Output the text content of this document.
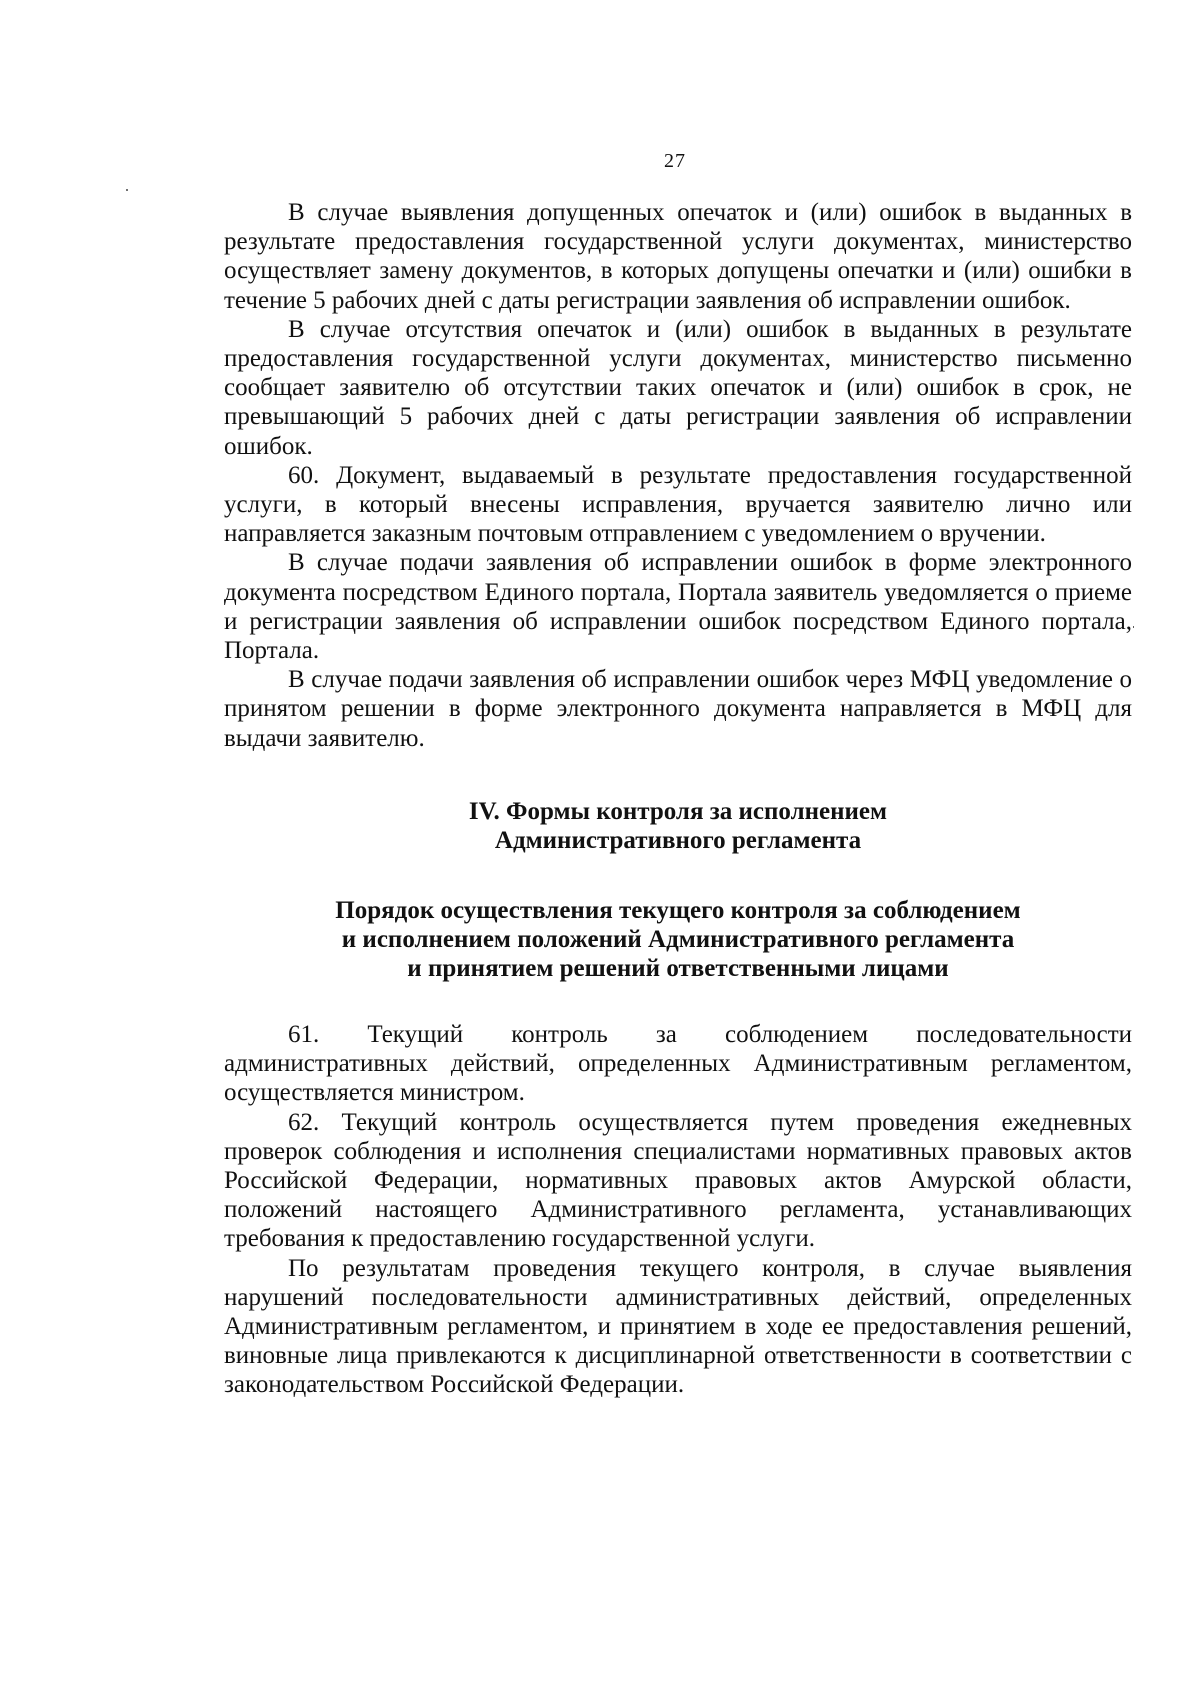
27

В случае выявления допущенных опечаток и (или) ошибок в выданных в результате предоставления государственной услуги документах, министерство осуществляет замену документов, в которых допущены опечатки и (или) ошибки в течение 5 рабочих дней с даты регистрации заявления об исправлении ошибок.

В случае отсутствия опечаток и (или) ошибок в выданных в результате предоставления государственной услуги документах, министерство письменно сообщает заявителю об отсутствии таких опечаток и (или) ошибок в срок, не превышающий 5 рабочих дней с даты регистрации заявления об исправлении ошибок.

60. Документ, выдаваемый в результате предоставления государственной услуги, в который внесены исправления, вручается заявителю лично или направляется заказным почтовым отправлением с уведомлением о вручении.

В случае подачи заявления об исправлении ошибок в форме электронного документа посредством Единого портала, Портала заявитель уведомляется о приеме и регистрации заявления об исправлении ошибок посредством Единого портала, Портала.

В случае подачи заявления об исправлении ошибок через МФЦ уведомление о принятом решении в форме электронного документа направляется в МФЦ для выдачи заявителю.

IV. Формы контроля за исполнением
Административного регламента
Порядок осуществления текущего контроля за соблюдением
и исполнением положений Административного регламента
и принятием решений ответственными лицами

61. Текущий контроль за соблюдением последовательности административных действий, определенных Административным регламентом, осуществляется министром.

62. Текущий контроль осуществляется путем проведения ежедневных проверок соблюдения и исполнения специалистами нормативных правовых актов Российской Федерации, нормативных правовых актов Амурской области, положений настоящего Административного регламента, устанавливающих требования к предоставлению государственной услуги.

По результатам проведения текущего контроля, в случае выявления нарушений последовательности административных действий, определенных Административным регламентом, и принятием в ходе ее предоставления решений, виновные лица привлекаются к дисциплинарной ответственности в соответствии с законодательством Российской Федерации.
